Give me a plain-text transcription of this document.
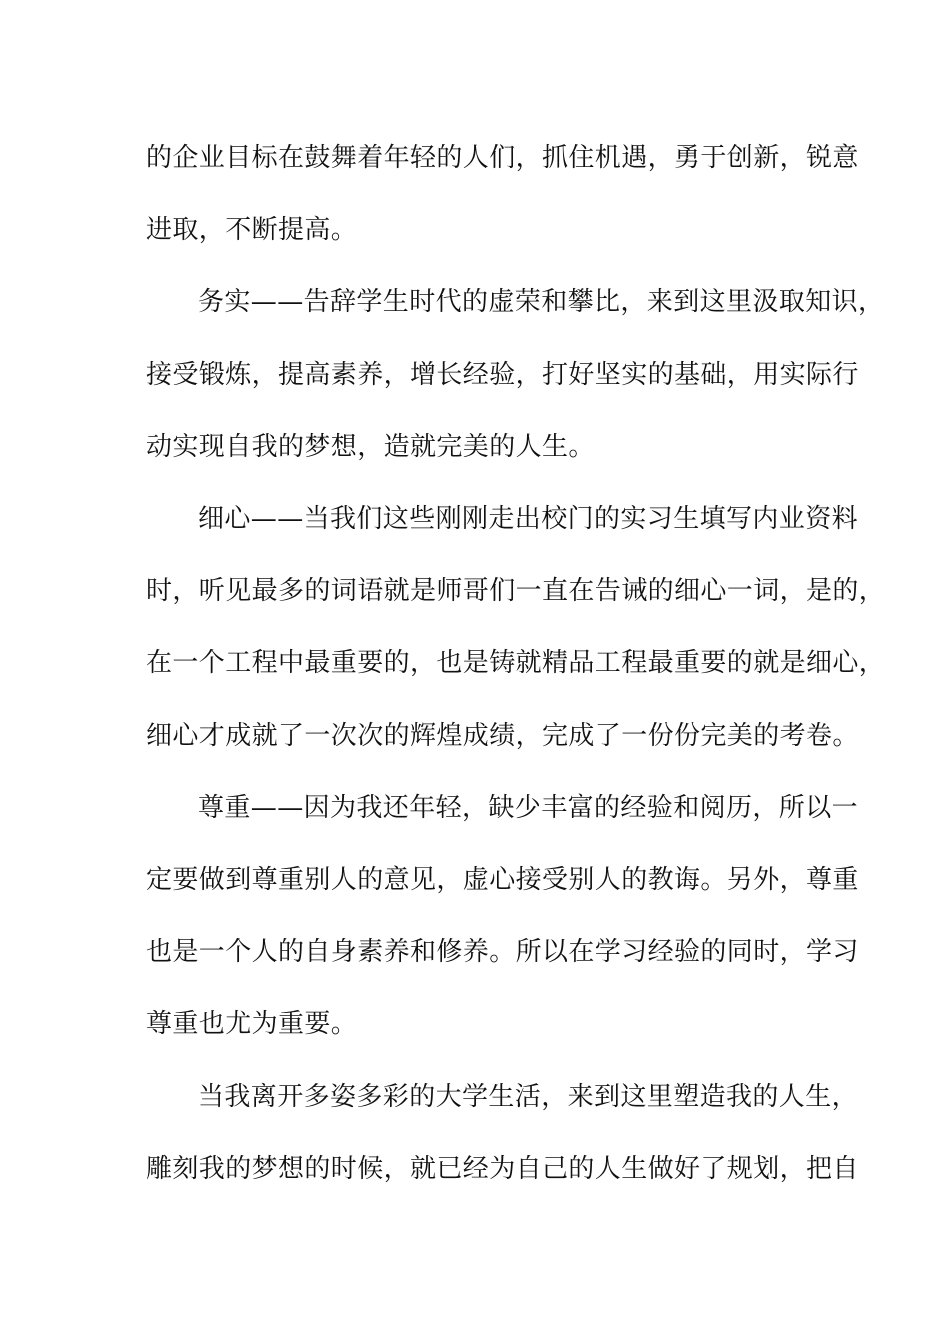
的企业目标在鼓舞着年轻的人们，抓住机遇，勇于创新，锐意
进取，不断提高。

务实——告辞学生时代的虚荣和攀比，来到这里汲取知识，
接受锻炼，提高素养，增长经验，打好坚实的基础，用实际行
动实现自我的梦想，造就完美的人生。

细心——当我们这些刚刚走出校门的实习生填写内业资料
时，听见最多的词语就是师哥们一直在告诫的细心一词，是的，
在一个工程中最重要的，也是铸就精品工程最重要的就是细心，
细心才成就了一次次的辉煌成绩，完成了一份份完美的考卷。

尊重——因为我还年轻，缺少丰富的经验和阅历，所以一
定要做到尊重别人的意见，虚心接受别人的教诲。另外，尊重
也是一个人的自身素养和修养。所以在学习经验的同时，学习
尊重也尤为重要。

当我离开多姿多彩的大学生活，来到这里塑造我的人生，
雕刻我的梦想的时候，就已经为自己的人生做好了规划，把自
